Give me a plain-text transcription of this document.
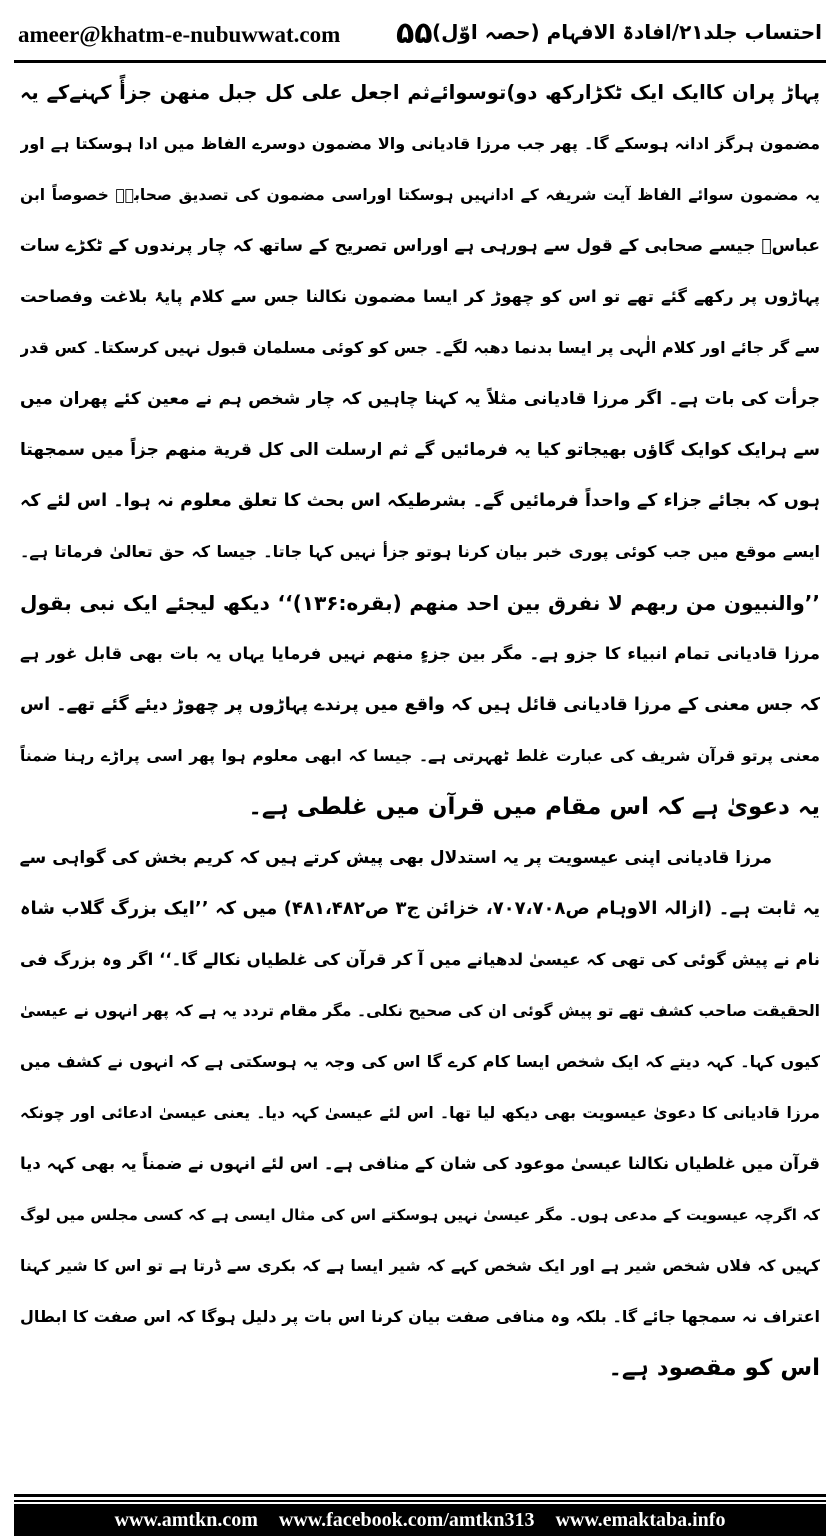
ameer@khatm-e-nubuwwat.com ۵۵ احتساب جلد۲۱/افادۃ الافہام (حصہ اوّل)
پہاڑ پران کاایک ایک ٹکڑارکھ دو)توسوائےثم اجعل علی کل جبل منهن جزأً کہنےکے یہ
مضمون ہرگز ادانہ ہوسکے گا۔ پھر جب مرزا قادیانی والا مضمون دوسرے الفاظ میں ادا ہوسکتا ہے اور
یہ مضمون سوائے الفاظ آیت شریفہ کے ادانہیں ہوسکتا اوراسی مضمون کی تصدیق صحابہؓ خصوصاً ابن
عباسؓ جیسے صحابی کے قول سے ہورہی ہے اوراس تصریح کے ساتھ کہ چار پرندوں کے ٹکڑے سات
پہاڑوں پر رکھے گئے تھے تو اس کو چھوڑ کر ایسا مضمون نکالنا جس سے کلام پایۂ بلاغت وفصاحت
سے گر جائے اور کلام الٰہی پر ایسا بدنما دھبہ لگے۔ جس کو کوئی مسلمان قبول نہیں کرسکتا۔ کس قدر
جرأت کی بات ہے۔ اگر مرزا قادیانی مثلاً یہ کہنا چاہیں کہ چار شخص ہم نے معین کئے پھران میں
سے ہرایک کوایک گاؤں بھیجاتو کیا یہ فرمائیں گے ثم ارسلت الی کل قرية منهم جزاً میں سمجھتا
ہوں کہ بجائے جزاء کے واحداً فرمائیں گے۔ بشرطیکہ اس بحث کا تعلق معلوم نہ ہوا۔ اس لئے کہ
ایسے موقع میں جب کوئی پوری خبر بیان کرنا ہوتو جزأ نہیں کہا جاتا۔ جیسا کہ حق تعالیٰ فرماتا ہے۔
’’والنبیون من ربهم لا نفرق بین احد منهم (بقره:۱۳۶)‘‘ دیکھ لیجئے ایک نبی بقول
مرزا قادیانی تمام انبیاء کا جزو ہے۔ مگر بین جزءٍ منهم نہیں فرمایا یہاں یہ بات بھی قابل غور ہے
کہ جس معنی کے مرزا قادیانی قائل ہیں کہ واقع میں پرندے پہاڑوں پر چھوڑ دیئے گئے تھے۔ اس
معنی پرتو قرآن شریف کی عبارت غلط ٹھہرتی ہے۔ جیسا کہ ابھی معلوم ہوا پھر اسی پراڑے رہنا ضمناً
یہ دعویٰ ہے کہ اس مقام میں قرآن میں غلطی ہے۔
مرزا قادیانی اپنی عیسویت پر یہ استدلال بھی پیش کرتے ہیں کہ کریم بخش کی گواہی سے
یہ ثابت ہے۔ (ازالہ الاوہام ص۷۰۷،۷۰۸، خزائن ج۳ ص۴۸۱،۴۸۲) میں کہ ’’ایک بزرگ گلاب شاہ
نام نے پیش گوئی کی تھی کہ عیسیٰ لدھیانے میں آ کر قرآن کی غلطیاں نکالے گا۔‘‘ اگر وہ بزرگ فی
الحقیقت صاحب کشف تھے تو پیش گوئی ان کی صحیح نکلی۔ مگر مقام تردد یہ ہے کہ پھر انہوں نے عیسیٰ
کیوں کہا۔ کہہ دیتے کہ ایک شخص ایسا کام کرے گا اس کی وجہ یہ ہوسکتی ہے کہ انہوں نے کشف میں
مرزا قادیانی کا دعویٰ عیسویت بھی دیکھ لیا تھا۔ اس لئے عیسیٰ کہہ دیا۔ یعنی عیسیٰ ادعائی اور چونکہ
قرآن میں غلطیاں نکالنا عیسیٰ موعود کی شان کے منافی ہے۔ اس لئے انہوں نے ضمناً یہ بھی کہہ دیا
کہ اگرچہ عیسویت کے مدعی ہوں۔ مگر عیسیٰ نہیں ہوسکتے اس کی مثال ایسی ہے کہ کسی مجلس میں لوگ
کہیں کہ فلاں شخص شیر ہے اور ایک شخص کہے کہ شیر ایسا ہے کہ بکری سے ڈرتا ہے تو اس کا شیر کہنا
اعتراف نہ سمجھا جائے گا۔ بلکہ وہ منافی صفت بیان کرنا اس بات پر دلیل ہوگا کہ اس صفت کا ابطال
اس کو مقصود ہے۔
www.amtkn.com www.facebook.com/amtkn313 www.emaktaba.info
